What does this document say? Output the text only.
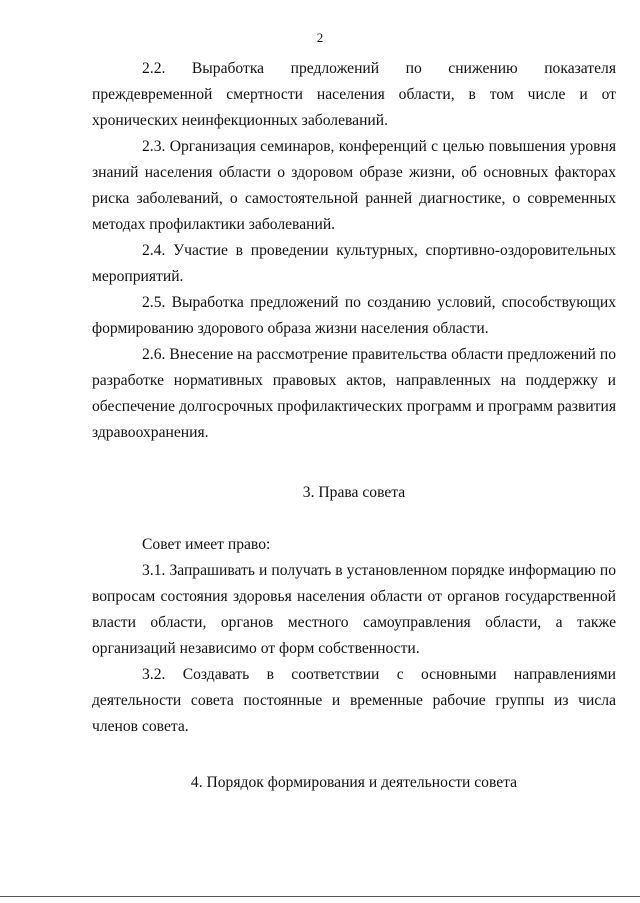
2

2.2. Выработка предложений по снижению показателя преждевременной смертности населения области, в том числе и от хронических неинфекционных заболеваний.

2.3. Организация семинаров, конференций с целью повышения уровня знаний населения области о здоровом образе жизни, об основных факторах риска заболеваний, о самостоятельной ранней диагностике, о современных методах профилактики заболеваний.

2.4. Участие в проведении культурных, спортивно-оздоровительных мероприятий.

2.5. Выработка предложений по созданию условий, способствующих формированию здорового образа жизни населения области.

2.6. Внесение на рассмотрение правительства области предложений по разработке нормативных правовых актов, направленных на поддержку и обеспечение долгосрочных профилактических программ и программ развития здравоохранения.

3. Права совета

Совет имеет право:

3.1. Запрашивать и получать в установленном порядке информацию по вопросам состояния здоровья населения области от органов государственной власти области, органов местного самоуправления области, а также организаций независимо от форм собственности.

3.2. Создавать в соответствии с основными направлениями деятельности совета постоянные и временные рабочие группы из числа членов совета.

4. Порядок формирования и деятельности совета
